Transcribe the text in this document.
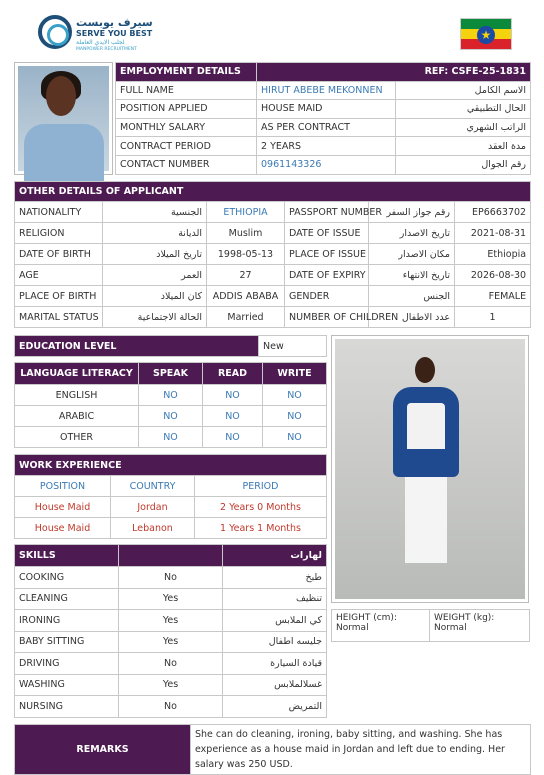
سيرف يوبست
SERVE YOU BEST
لجلب الايدي العاملة
MANPOWER RECRUITMENT
★
EMPLOYMENT DETAILS	REF: CSFE-25-1831	
FULL NAME	HIRUT ABEBE MEKONNEN	الاسم الكامل
POSITION APPLIED	HOUSE MAID	الحال التطبيقي
MONTHLY SALARY	AS PER CONTRACT	الراتب الشهري
CONTRACT PERIOD	2 YEARS	مدة العقد
CONTACT NUMBER	0961143326	رقم الجوال
OTHER DETAILS OF APPLICANT					
NATIONALITY	الجنسية	ETHIOPIA	PASSPORT NUMBER	رقم جواز السفر	EP6663702
RELIGION	الديانة	Muslim	DATE OF ISSUE	تاريخ الاصدار	2021-08-31
DATE OF BIRTH	تاريخ الميلاد	1998-05-13	PLACE OF ISSUE	مكان الاصدار	Ethiopia
AGE	العمر	27	DATE OF EXPIRY	تاريخ الانتهاء	2026-08-30
PLACE OF BIRTH	كان الميلاد	ADDIS ABABA	GENDER	الجنس	FEMALE
MARITAL STATUS	الحالة الاجتماعية	Married	NUMBER OF CHILDREN	عدد الاطفال	1
EDUCATION LEVEL	New
LANGUAGE LITERACY	SPEAK	READ	WRITE
ENGLISH	NO	NO	NO
ARABIC	NO	NO	NO
OTHER	NO	NO	NO
WORK EXPERIENCE		
POSITION	COUNTRY	PERIOD
House Maid	Jordan	2 Years 0 Months
House Maid	Lebanon	1 Years 1 Months
SKILLS		لهارات
COOKING	No	طبخ
CLEANING	Yes	تنظيف
IRONING	Yes	كي الملابس
BABY SITTING	Yes	جليسه اطفال
DRIVING	No	قيادة السيارة
WASHING	Yes	غسلالملابس
NURSING	No	التمريض
HEIGHT (cm):
Normal

WEIGHT (kg):
Normal
REMARKS	She can do cleaning, ironing, baby sitting, and washing. She has experience as a house maid in Jordan and left due to ending. Her salary was 250 USD.
